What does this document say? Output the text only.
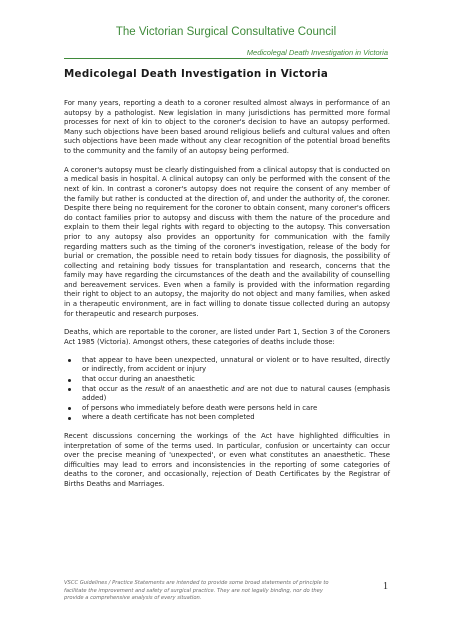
The Victorian Surgical Consultative Council
Medicolegal Death Investigation in Victoria
Medicolegal Death Investigation in Victoria

For many years, reporting a death to a coroner resulted almost always in performance of an autopsy by a pathologist. New legislation in many jurisdictions has permitted more formal processes for next of kin to object to the coroner's decision to have an autopsy performed. Many such objections have been based around religious beliefs and cultural values and often such objections have been made without any clear recognition of the potential broad benefits to the community and the family of an autopsy being performed.

A coroner's autopsy must be clearly distinguished from a clinical autopsy that is conducted on a medical basis in hospital. A clinical autopsy can only be performed with the consent of the next of kin. In contrast a coroner's autopsy does not require the consent of any member of the family but rather is conducted at the direction of, and under the authority of, the coroner. Despite there being no requirement for the coroner to obtain consent, many coroner's officers do contact families prior to autopsy and discuss with them the nature of the procedure and explain to them their legal rights with regard to objecting to the autopsy. This conversation prior to any autopsy also provides an opportunity for communication with the family regarding matters such as the timing of the coroner's investigation, release of the body for burial or cremation, the possible need to retain body tissues for diagnosis, the possibility of collecting and retaining body tissues for transplantation and research, concerns that the family may have regarding the circumstances of the death and the availability of counselling and bereavement services. Even when a family is provided with the information regarding their right to object to an autopsy, the majority do not object and many families, when asked in a therapeutic environment, are in fact willing to donate tissue collected during an autopsy for therapeutic and research purposes.

Deaths, which are reportable to the coroner, are listed under Part 1, Section 3 of the Coroners Act 1985 (Victoria). Amongst others, these categories of deaths include those:

that appear to have been unexpected, unnatural or violent or to have resulted, directly or indirectly, from accident or injury
that occur during an anaesthetic
that occur as the result of an anaesthetic and are not due to natural causes (emphasis added)
of persons who immediately before death were persons held in care
where a death certificate has not been completed

Recent discussions concerning the workings of the Act have highlighted difficulties in interpretation of some of the terms used. In particular, confusion or uncertainty can occur over the precise meaning of 'unexpected', or even what constitutes an anaesthetic. These difficulties may lead to errors and inconsistencies in the reporting of some categories of deaths to the coroner, and occasionally, rejection of Death Certificates by the Registrar of Births Deaths and Marriages.

VSCC Guidelines / Practice Statements are intended to provide some broad statements of principle to facilitate the improvement and safety of surgical practice. They are not legally binding, nor do they provide a comprehensive analysis of every situation.

1
